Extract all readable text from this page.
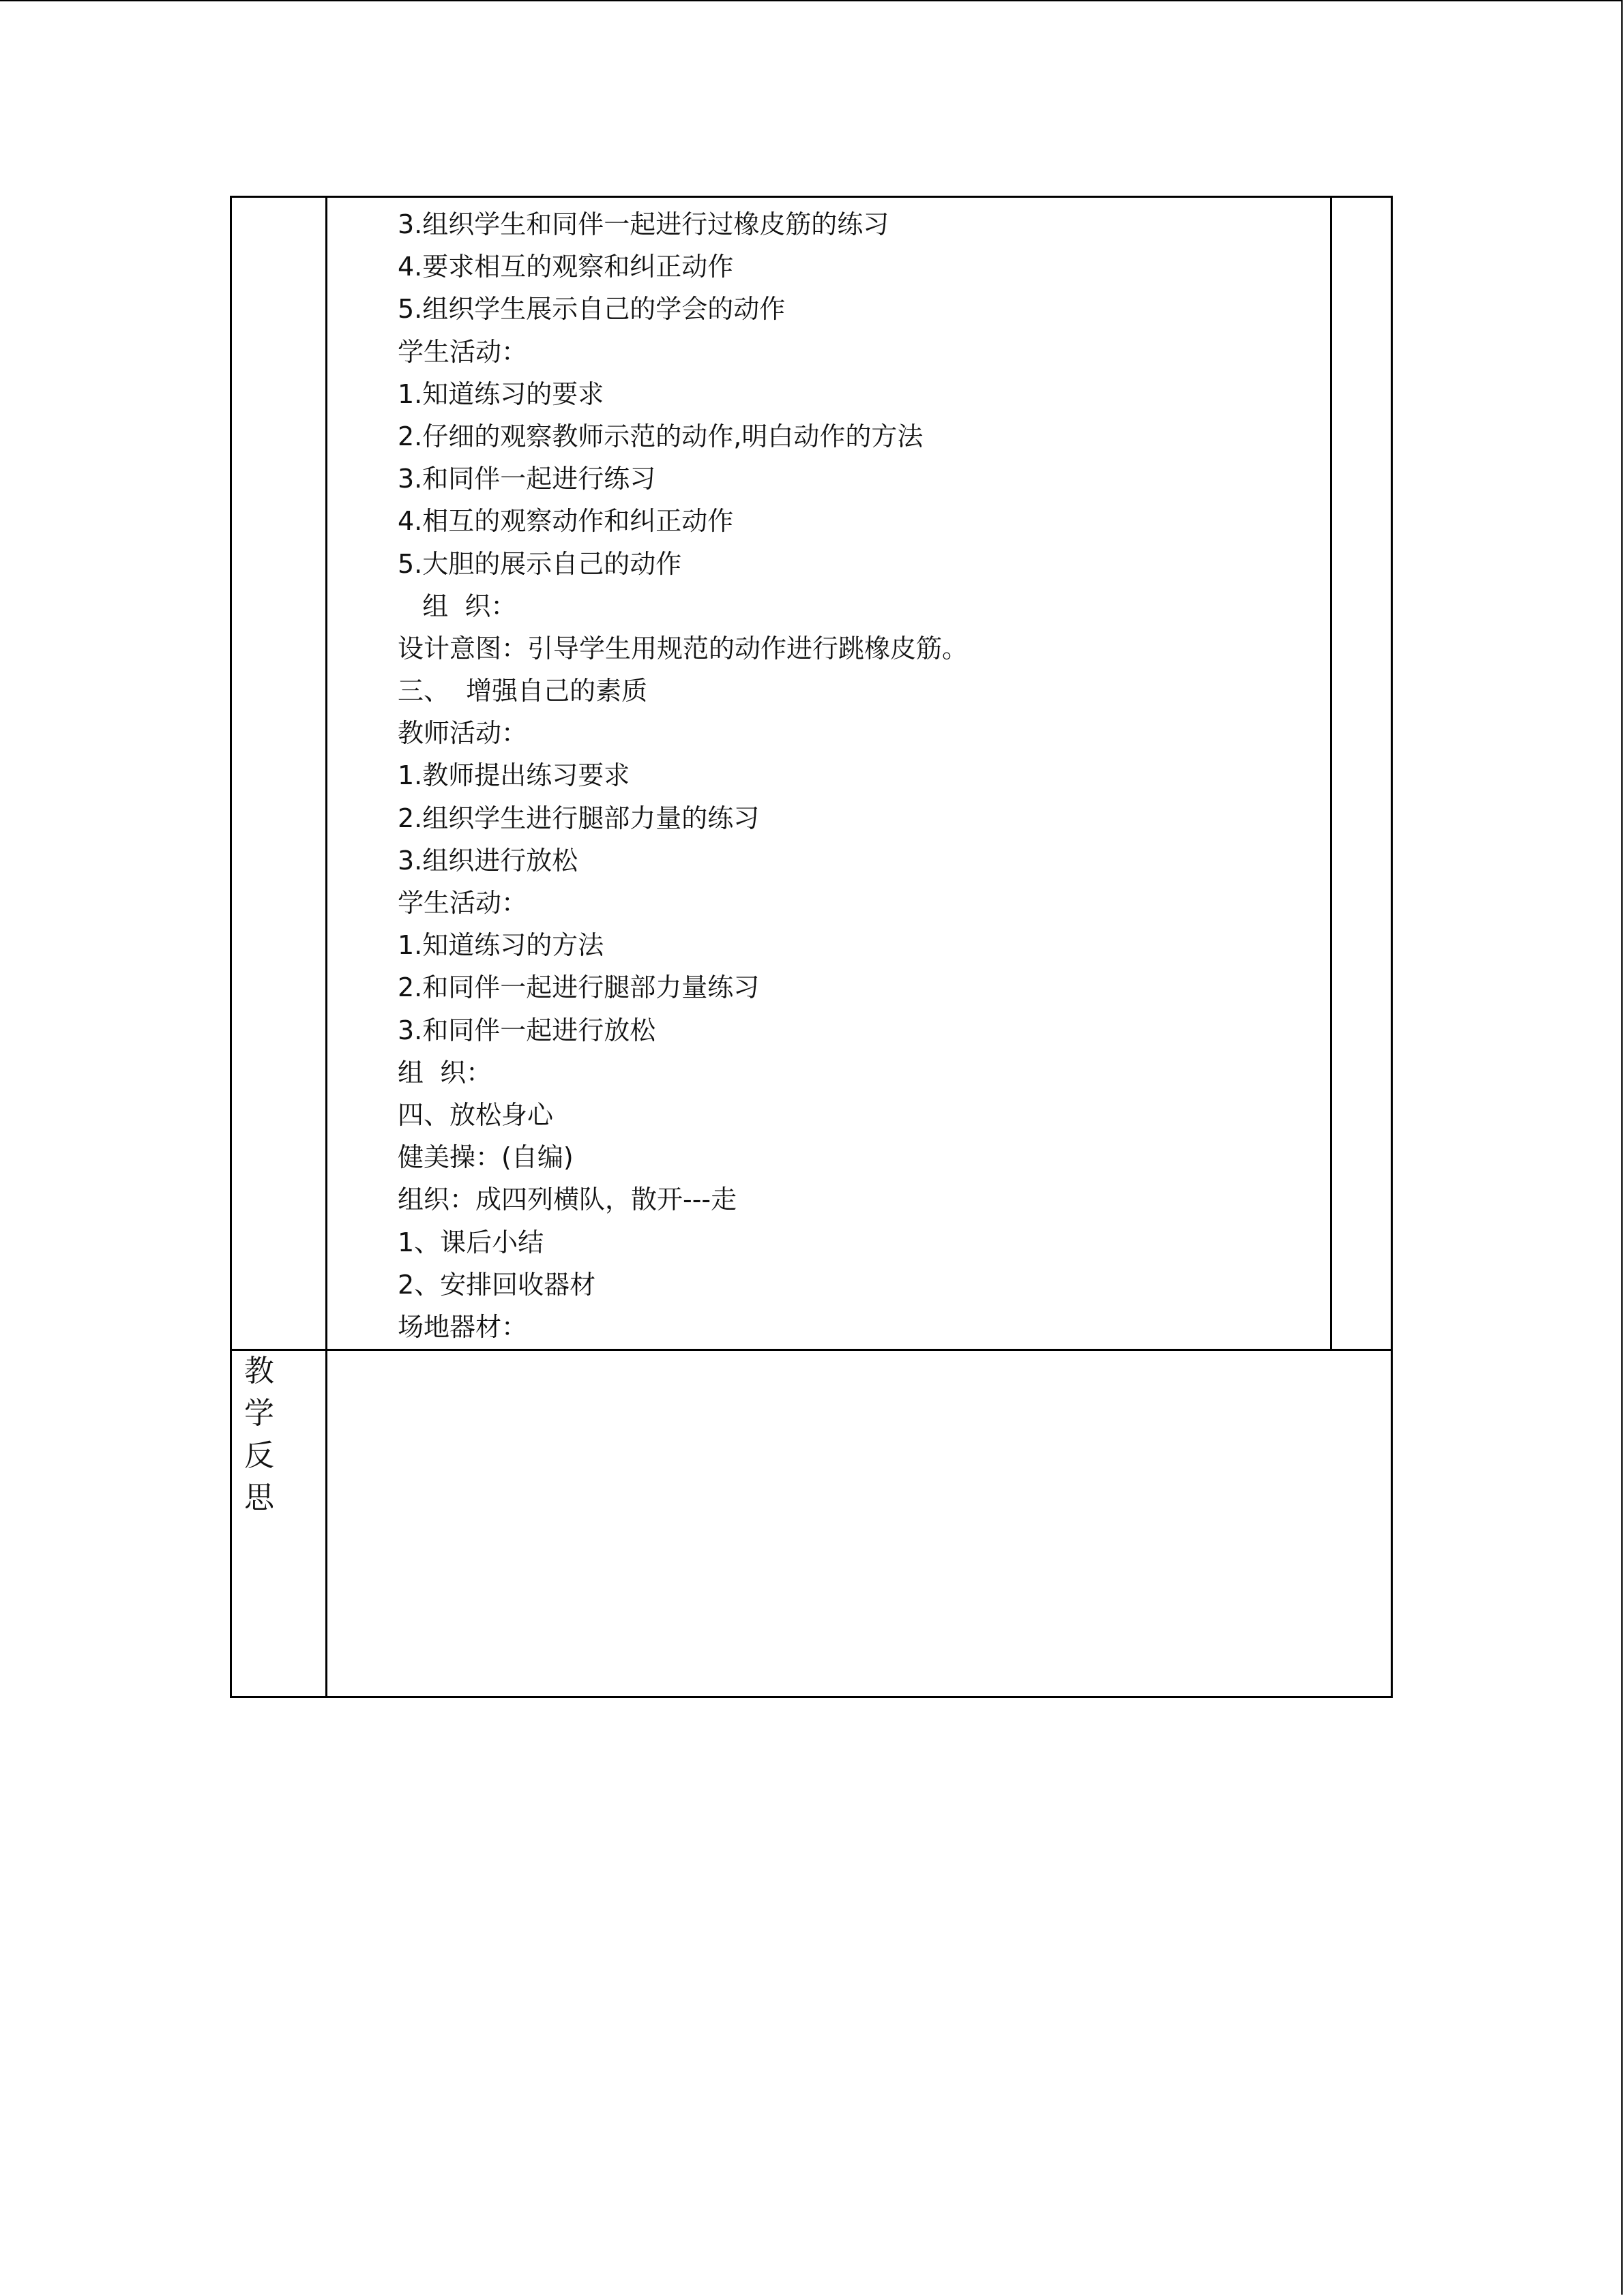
3.组织学生和同伴一起进行过橡皮筋的练习
4.要求相互的观察和纠正动作
5.组织学生展示自己的学会的动作
学生活动：
1.知道练习的要求
2.仔细的观察教师示范的动作,明白动作的方法
3.和同伴一起进行练习
4.相互的观察动作和纠正动作
5.大胆的展示自己的动作
组  织：
设计意图：引导学生用规范的动作进行跳橡皮筋。
三、  增强自己的素质
教师活动：
1.教师提出练习要求
2.组织学生进行腿部力量的练习
3.组织进行放松
学生活动：
1.知道练习的方法
2.和同伴一起进行腿部力量练习
3.和同伴一起进行放松
组  织：
四、放松身心
健美操：(自编)
组织：成四列横队，散开---走
1、课后小结
2、安排回收器材
场地器材：
教
学
反
思
